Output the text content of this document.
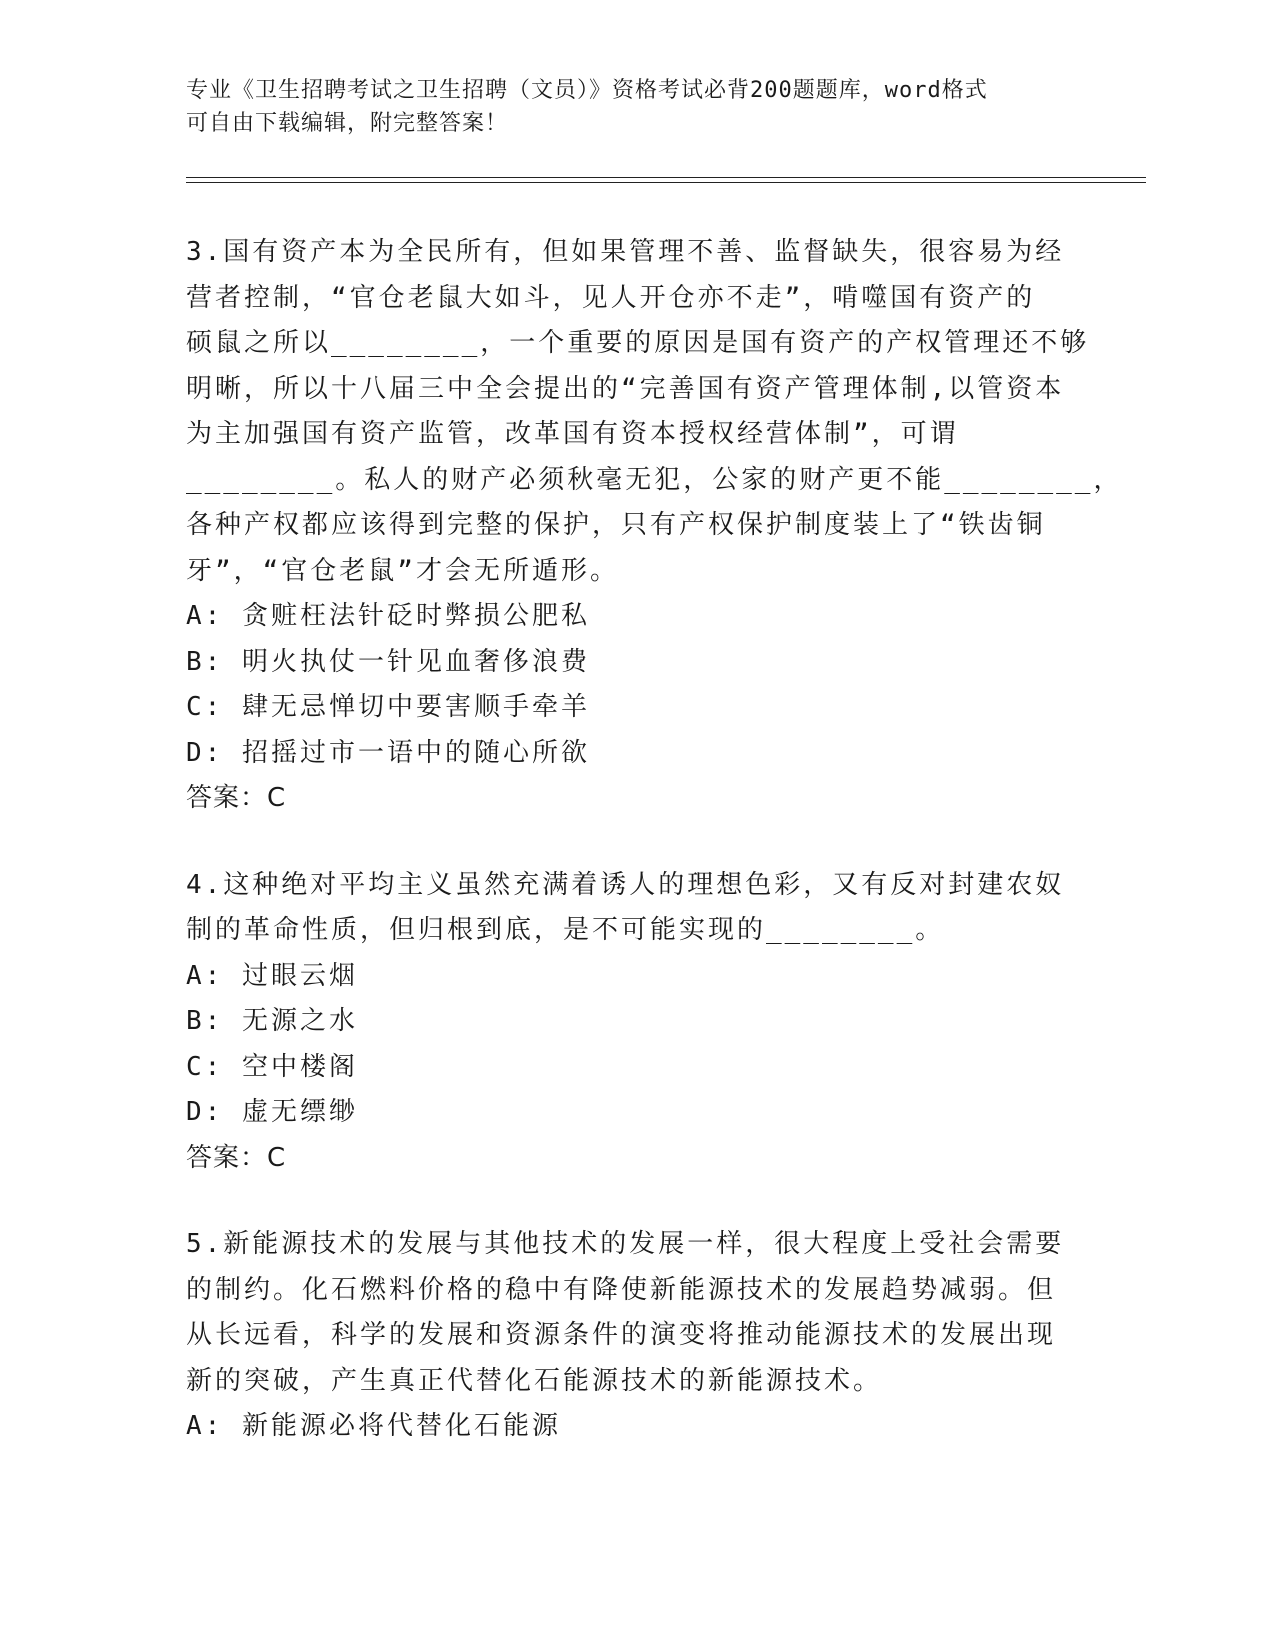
专业《卫生招聘考试之卫生招聘（文员）》资格考试必背200题题库，word格式
可自由下载编辑，附完整答案！
3.国有资产本为全民所有，但如果管理不善、监督缺失，很容易为经
营者控制，“官仓老鼠大如斗，见人开仓亦不走”，啃噬国有资产的
硕鼠之所以________，一个重要的原因是国有资产的产权管理还不够
明晰，所以十八届三中全会提出的“完善国有资产管理体制,以管资本
为主加强国有资产监管，改革国有资本授权经营体制”，可谓
________。私人的财产必须秋毫无犯，公家的财产更不能________，
各种产权都应该得到完整的保护，只有产权保护制度装上了“铁齿铜
牙”，“官仓老鼠”才会无所遁形。
A: 贪赃枉法针砭时弊损公肥私
B: 明火执仗一针见血奢侈浪费
C: 肆无忌惮切中要害顺手牵羊
D: 招摇过市一语中的随心所欲
答案：C
4.这种绝对平均主义虽然充满着诱人的理想色彩，又有反对封建农奴
制的革命性质，但归根到底，是不可能实现的________。
A: 过眼云烟
B: 无源之水
C: 空中楼阁
D: 虚无缥缈
答案：C
5.新能源技术的发展与其他技术的发展一样，很大程度上受社会需要
的制约。化石燃料价格的稳中有降使新能源技术的发展趋势减弱。但
从长远看，科学的发展和资源条件的演变将推动能源技术的发展出现
新的突破，产生真正代替化石能源技术的新能源技术。
A: 新能源必将代替化石能源
